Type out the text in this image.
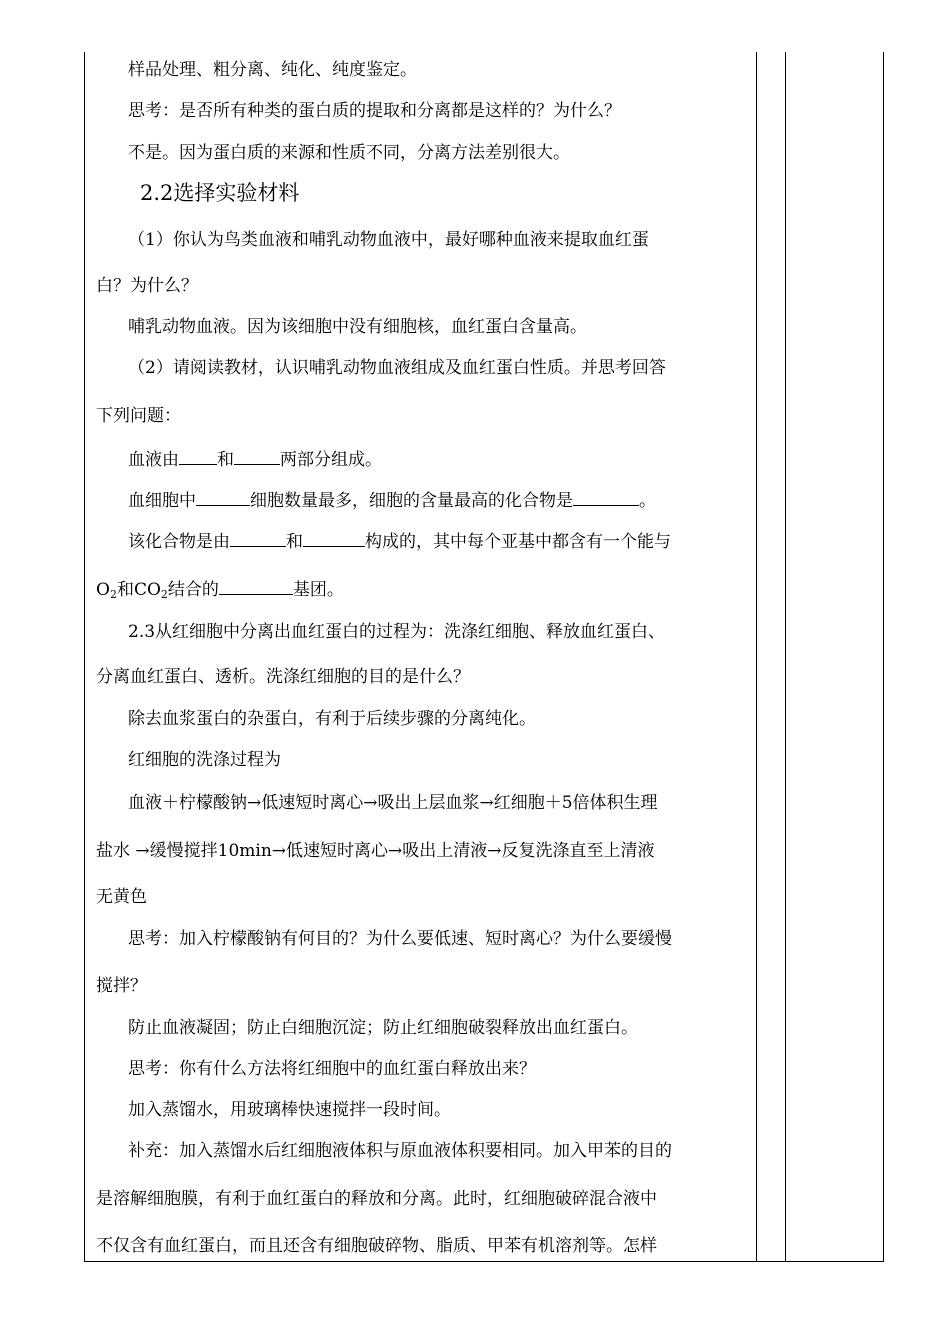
样品处理、粗分离、纯化、纯度鉴定。
思考：是否所有种类的蛋白质的提取和分离都是这样的？为什么？
不是。因为蛋白质的来源和性质不同，分离方法差别很大。
2.2选择实验材料
（1）你认为鸟类血液和哺乳动物血液中，最好哪种血液来提取血红蛋
白？为什么？
哺乳动物血液。因为该细胞中没有细胞核，血红蛋白含量高。
（2）请阅读教材，认识哺乳动物血液组成及血红蛋白性质。并思考回答
下列问题：
血液由 和	两部分组成。
血细胞中	细胞数量最多，细胞的含量最高的化合物是	。
该化合物是由	和	构成的，其中每个亚基中都含有一个能与
$O_2$和$CO_2$结合的	基团。
2.3从红细胞中分离出血红蛋白的过程为：洗涤红细胞、释放血红蛋白、
分离血红蛋白、透析。洗涤红细胞的目的是什么？
除去血浆蛋白的杂蛋白，有利于后续步骤的分离纯化。
红细胞的洗涤过程为
血液＋柠檬酸钠→低速短时离心→吸出上层血浆→红细胞＋5倍体积生理
盐水 →缓慢搅拌10min→低速短时离心→吸出上清液→反复洗涤直至上清液
无黄色
思考：加入柠檬酸钠有何目的？为什么要低速、短时离心？为什么要缓慢
搅拌？
防止血液凝固；防止白细胞沉淀；防止红细胞破裂释放出血红蛋白。
思考：你有什么方法将红细胞中的血红蛋白释放出来？
加入蒸馏水，用玻璃棒快速搅拌一段时间。
补充：加入蒸馏水后红细胞液体积与原血液体积要相同。加入甲苯的目的
是溶解细胞膜，有利于血红蛋白的释放和分离。此时，红细胞破碎混合液中
不仅含有血红蛋白，而且还含有细胞破碎物、脂质、甲苯有机溶剂等。怎样
